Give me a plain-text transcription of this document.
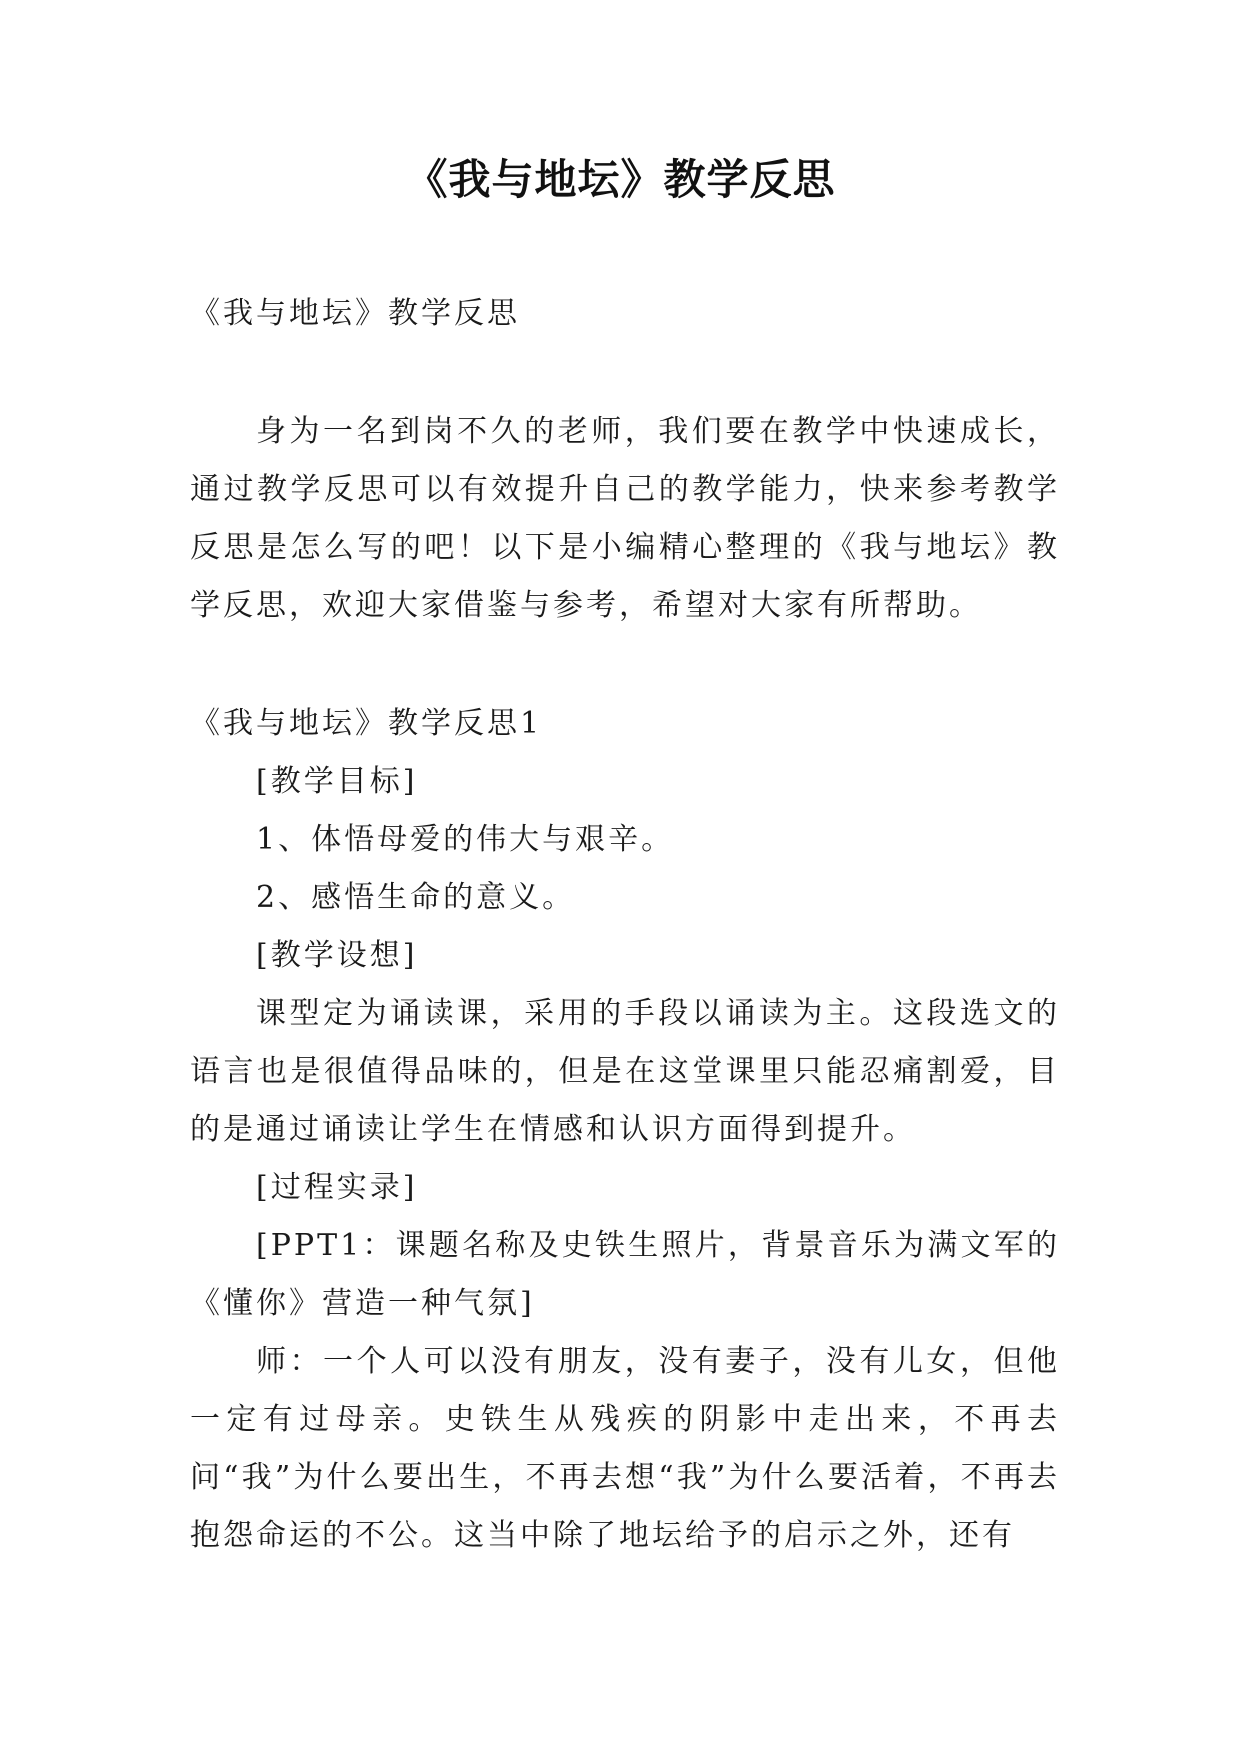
《我与地坛》教学反思
《我与地坛》教学反思

身为一名到岗不久的老师，我们要在教学中快速成长，通过教学反思可以有效提升自己的教学能力，快来参考教学反思是怎么写的吧！以下是小编精心整理的《我与地坛》教学反思，欢迎大家借鉴与参考，希望对大家有所帮助。

《我与地坛》教学反思1

[教学目标]

1、体悟母爱的伟大与艰辛。

2、感悟生命的意义。

[教学设想]

课型定为诵读课，采用的手段以诵读为主。这段选文的语言也是很值得品味的，但是在这堂课里只能忍痛割爱，目的是通过诵读让学生在情感和认识方面得到提升。

[过程实录]

[PPT1：课题名称及史铁生照片，背景音乐为满文军的《懂你》营造一种气氛]

师：一个人可以没有朋友，没有妻子，没有儿女，但他一定有过母亲。史铁生从残疾的阴影中走出来，不再去问“我”为什么要出生，不再去想“我”为什么要活着，不再去抱怨命运的不公。这当中除了地坛给予的启示之外，还有
